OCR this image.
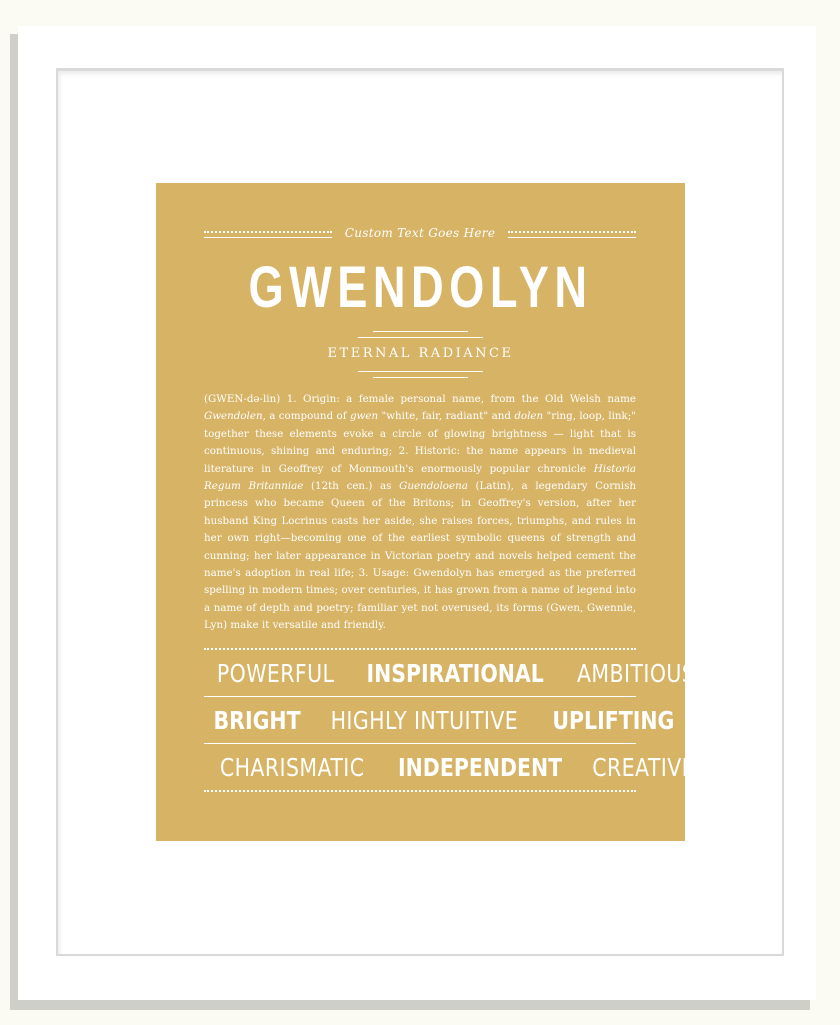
Custom Text Goes Here
GWENDOLYN
ETERNAL RADIANCE
(GWEN-də-lin) 1. Origin: a female personal name, from the Old Welsh name Gwendolen, a compound of gwen "white, fair, radiant" and dolen "ring, loop, link;" together these elements evoke a circle of glowing brightness — light that is continuous, shining and enduring; 2. Historic: the name appears in medieval literature in Geoffrey of Monmouth's enormously popular chronicle Historia Regum Britanniae (12th cen.) as Guendoloena (Latin), a legendary Cornish princess who became Queen of the Britons; in Geoffrey's version, after her husband King Locrinus casts her aside, she raises forces, triumphs, and rules in her own right—becoming one of the earliest symbolic queens of strength and cunning; her later appearance in Victorian poetry and novels helped cement the name's adoption in real life; 3. Usage: Gwendolyn has emerged as the preferred spelling in modern times; over centuries, it has grown from a name of legend into a name of depth and poetry; familiar yet not overused, its forms (Gwen, Gwennie, Lyn) make it versatile and friendly.
POWERFUL INSPIRATIONAL AMBITIOUS
BRIGHT HIGHLY INTUITIVE UPLIFTING
CHARISMATIC INDEPENDENT CREATIVE
